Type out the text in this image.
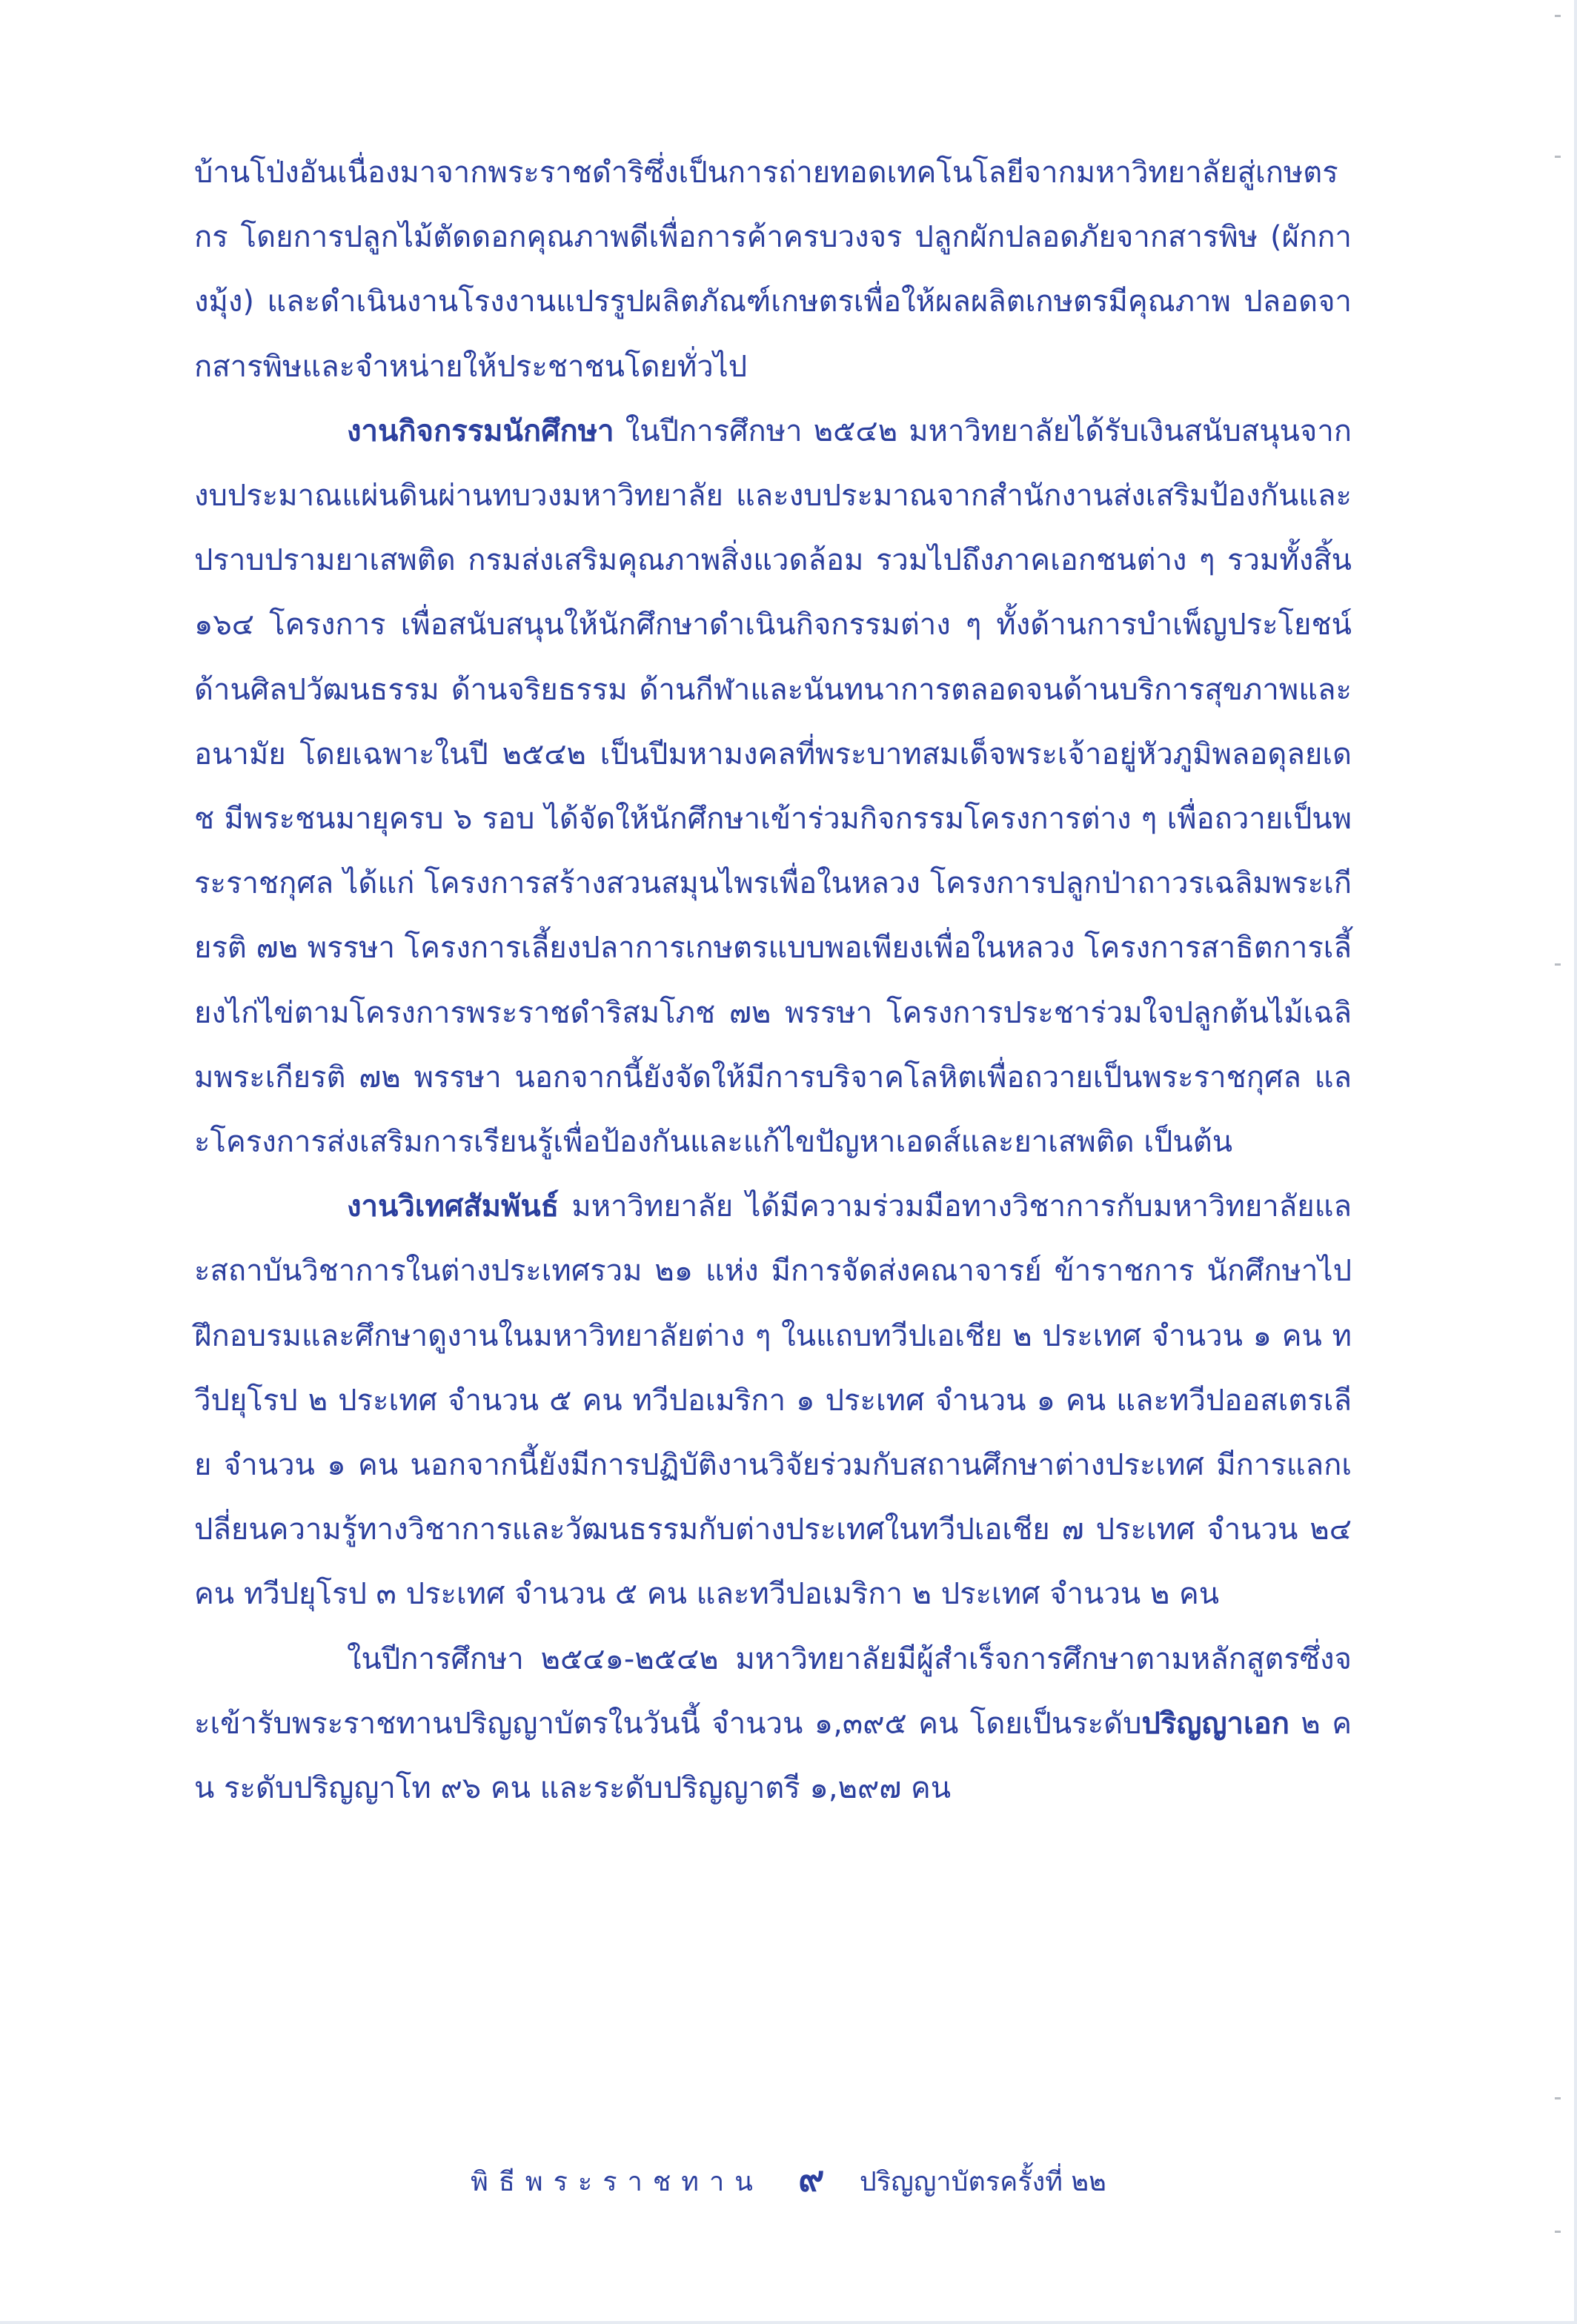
บ้านโป่งอันเนื่องมาจากพระราชดำริซึ่งเป็นการถ่ายทอดเทคโนโลยีจากมหาวิทยาลัยสู่เกษตรกร โดยการปลูกไม้ตัดดอกคุณภาพดีเพื่อการค้าครบวงจร ปลูกผักปลอดภัยจากสารพิษ (ผักกางมุ้ง) และดำเนินงานโรงงานแปรรูปผลิตภัณฑ์เกษตรเพื่อให้ผลผลิตเกษตรมีคุณภาพ ปลอดจากสารพิษและจำหน่ายให้ประชาชนโดยทั่วไป

งานกิจกรรมนักศึกษา ในปีการศึกษา ๒๕๔๒ มหาวิทยาลัยได้รับเงินสนับสนุนจากงบประมาณแผ่นดินผ่านทบวงมหาวิทยาลัย และงบประมาณจากสำนักงานส่งเสริมป้องกันและปราบปรามยาเสพติด กรมส่งเสริมคุณภาพสิ่งแวดล้อม รวมไปถึงภาคเอกชนต่าง ๆ รวมทั้งสิ้น ๑๖๔ โครงการ เพื่อสนับสนุนให้นักศึกษาดำเนินกิจกรรมต่าง ๆ ทั้งด้านการบำเพ็ญประโยชน์ ด้านศิลปวัฒนธรรม ด้านจริยธรรม ด้านกีฬาและนันทนาการตลอดจนด้านบริการสุขภาพและอนามัย โดยเฉพาะในปี ๒๕๔๒ เป็นปีมหามงคลที่พระบาทสมเด็จพระเจ้าอยู่หัวภูมิพลอดุลยเดช มีพระชนมายุครบ ๖ รอบ ได้จัดให้นักศึกษาเข้าร่วมกิจกรรมโครงการต่าง ๆ เพื่อถวายเป็นพระราชกุศล ได้แก่ โครงการสร้างสวนสมุนไพรเพื่อในหลวง โครงการปลูกป่าถาวรเฉลิมพระเกียรติ ๗๒ พรรษา โครงการเลี้ยงปลาการเกษตรแบบพอเพียงเพื่อในหลวง โครงการสาธิตการเลี้ยงไก่ไข่ตามโครงการพระราชดำริสมโภช ๗๒ พรรษา โครงการประชาร่วมใจปลูกต้นไม้เฉลิมพระเกียรติ ๗๒ พรรษา นอกจากนี้ยังจัดให้มีการบริจาคโลหิตเพื่อถวายเป็นพระราชกุศล และโครงการส่งเสริมการเรียนรู้เพื่อป้องกันและแก้ไขปัญหาเอดส์และยาเสพติด เป็นต้น

งานวิเทศสัมพันธ์ มหาวิทยาลัย ได้มีความร่วมมือทางวิชาการกับมหาวิทยาลัยและสถาบันวิชาการในต่างประเทศรวม ๒๑ แห่ง มีการจัดส่งคณาจารย์ ข้าราชการ นักศึกษาไปฝึกอบรมและศึกษาดูงานในมหาวิทยาลัยต่าง ๆ ในแถบทวีปเอเชีย ๒ ประเทศ จำนวน ๑ คน ทวีปยุโรป ๒ ประเทศ จำนวน ๕ คน ทวีปอเมริกา ๑ ประเทศ จำนวน ๑ คน และทวีปออสเตรเลีย จำนวน ๑ คน นอกจากนี้ยังมีการปฏิบัติงานวิจัยร่วมกับสถานศึกษาต่างประเทศ มีการแลกเปลี่ยนความรู้ทางวิชาการและวัฒนธรรมกับต่างประเทศในทวีปเอเชีย ๗ ประเทศ จำนวน ๒๔ คน ทวีปยุโรป ๓ ประเทศ จำนวน ๕ คน และทวีปอเมริกา ๒ ประเทศ จำนวน ๒ คน

ในปีการศึกษา ๒๕๔๑-๒๕๔๒ มหาวิทยาลัยมีผู้สำเร็จการศึกษาตามหลักสูตรซึ่งจะเข้ารับพระราชทานปริญญาบัตรในวันนี้ จำนวน ๑,๓๙๕ คน โดยเป็นระดับปริญญาเอก ๒ คน ระดับปริญญาโท ๙๖ คน และระดับปริญญาตรี ๑,๒๙๗ คน

พิธีพระราชทาน ๙ ปริญญาบัตรครั้งที่ ๒๒
